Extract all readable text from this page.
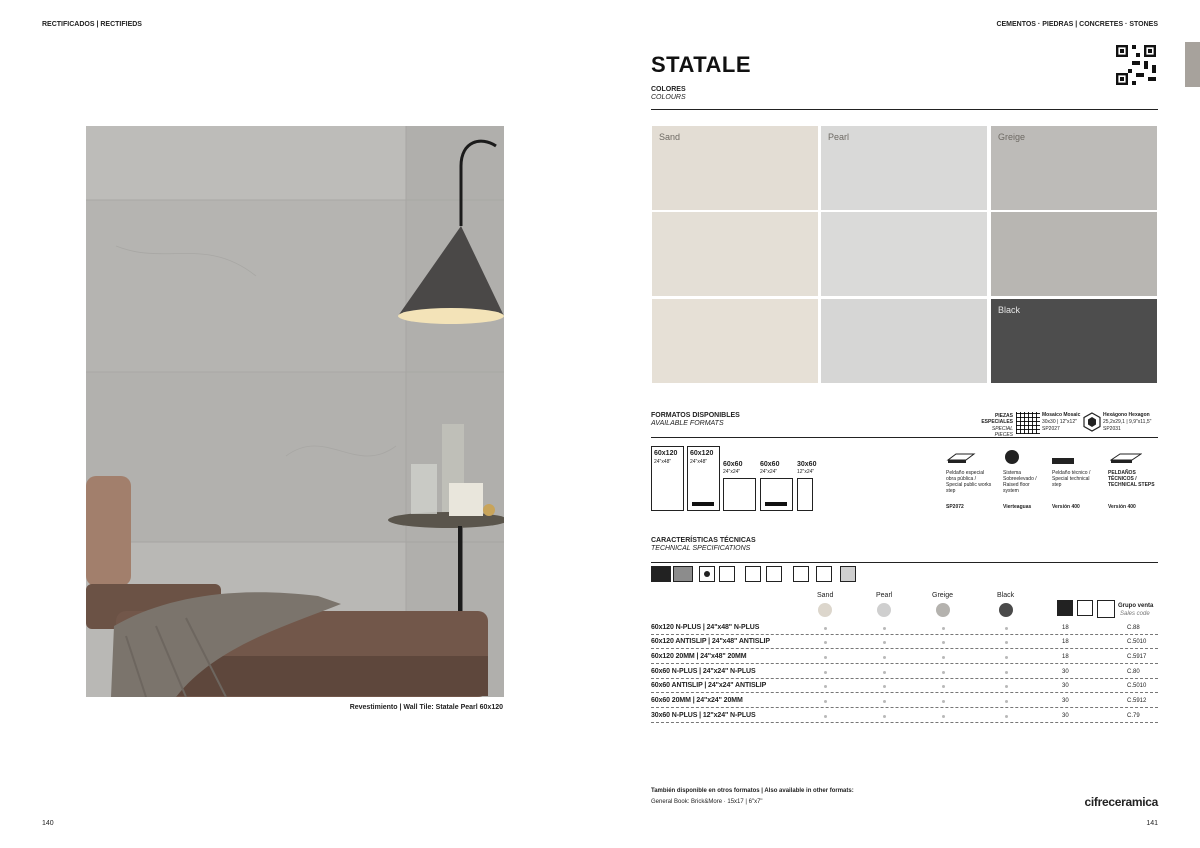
RECTIFICADOS | RECTIFIEDS	CEMENTOS · PIEDRAS | CONCRETES · STONES
Revestimiento | Wall Tile: Statale Pearl 60x120
STATALE
COLORES
COLOURS
Sand	Pearl	Greige
Black
FORMATOS DISPONIBLES
AVAILABLE FORMATS
60x120
24"x48"
60x120
24"x48"	60x60
24"x24"
60x60
24"x24"
30x60
12"x24"
PIEZAS ESPECIALES
SPECIAL PIECES
Mosaico Mosaic
30x30 | 12"x12"
SP2027
Hexágono Hexagon
25,2x29,1 | 9,9"x11,5"
SP2031
Peldaño especial obra pública / Special public works step
SP2072
Sistema Sobreelevado / Raised floor system
Vierteaguas
Peldaño técnico / Special technical step
Versión 400
PELDAÑOS TÉCNICOS / TECHNICAL STEPS
Versión 400
CARACTERÍSTICAS TÉCNICAS
TECHNICAL SPECIFICATIONS
Sand	Pearl	Greige	Black
Grupo venta
Sales code
60x120 N-PLUS | 24"x48" N-PLUS	18	C.88
60x120 ANTISLIP | 24"x48" ANTISLIP	18	C.5010
60x120 20MM | 24"x48" 20MM	18	C.5917
60x60 N-PLUS | 24"x24" N-PLUS	30	C.80
60x60 ANTISLIP | 24"x24" ANTISLIP	30	C.5010
60x60 20MM | 24"x24" 20MM	30	C.5912
30x60 N-PLUS | 12"x24" N-PLUS	30	C.79
También disponible en otros formatos | Also available in other formats:
General Book: Brick&More · 15x17 | 6"x7"	cifreceramica
140	141
